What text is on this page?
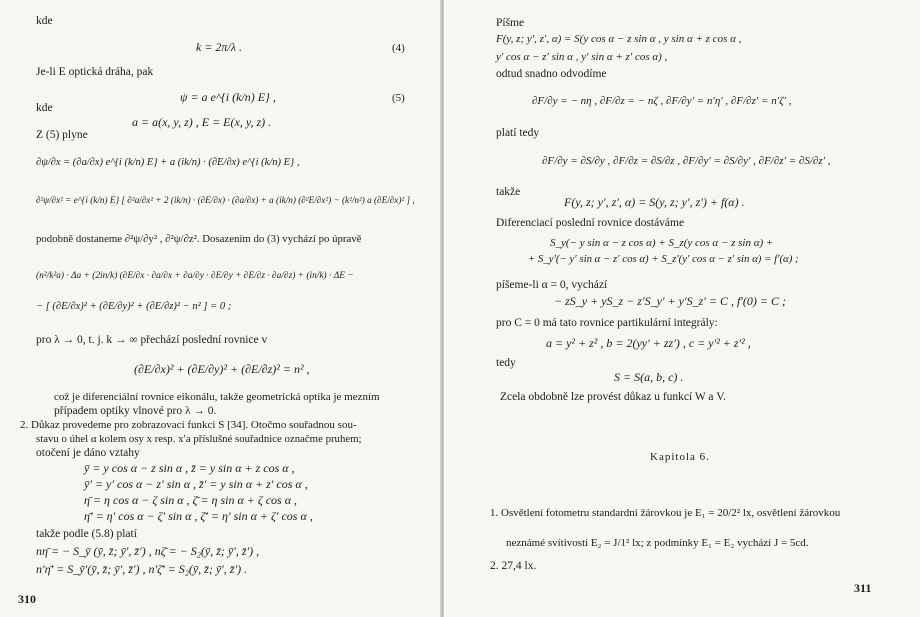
kde
k = 2π/λ .	(4)
Je-li E optická dráha, pak
ψ = a e^{i (k/n) E} ,	(5)
kde
a = a(x, y, z) , E = E(x, y, z) .
Z (5) plyne
∂ψ/∂x = (∂a/∂x) e^{i (k/n) E} + a (ik/n) · (∂E/∂x) e^{i (k/n) E} ,
∂²ψ/∂x² = e^{i (k/n) E} [ ∂²a/∂x² + 2 (ik/n) · (∂E/∂x) · (∂a/∂x) + a (ik/n) (∂²E/∂x²) − (k²/n²) a (∂E/∂x)² ] ,
podobně dostaneme ∂²ψ/∂y² , ∂²ψ/∂z². Dosazením do (3) vychází po úpravě
(n²/k²a) · Δa + (2in/k) (∂E/∂x · ∂a/∂x + ∂a/∂y · ∂E/∂y + ∂E/∂z · ∂a/∂z) + (in/k) · ΔE −
− [ (∂E/∂x)² + (∂E/∂y)² + (∂E/∂z)² − n² ] = 0 ;
pro λ → 0, t. j. k → ∞ přechází poslední rovnice v
(∂E/∂x)² + (∂E/∂y)² + (∂E/∂z)² = n² ,
což je diferenciální rovnice eikonálu, takže geometrická optika je mezním
případem optiky vlnové pro λ → 0.
2. Důkaz provedeme pro zobrazovací funkci S [34]. Otočmo souřadnou sou-
stavu o úhel α kolem osy x resp. x′a příslušné souřadnice označme pruhem;
otočení je dáno vztahy
ȳ = y cos α − z sin α , z̄ = y sin α + z cos α ,
ȳ′ = y′ cos α − z′ sin α , z̄′ = y sin α + z′ cos α ,
η̄ = η cos α − ζ sin α , ζ̄ = η sin α + ζ cos α ,
η̄′ = η′ cos α − ζ′ sin α , ζ̄′ = η′ sin α + ζ′ cos α ,
takže podle (5.8) platí
nη̄ = − S_ȳ (ȳ, z̄; ȳ′, z̄′) , nζ̄ = − S₂(ȳ, z̄; ȳ′, z̄′) ,
n′η̄′ = S_ȳ′(ȳ, z̄; ȳ′, z̄′) , n′ζ̄′ = S₂(ȳ, z̄; ȳ′, z̄′) .
310
Píšme
F(y, z; y′, z′, α) = S(y cos α − z sin α , y sin α + z cos α ,
y′ cos α − z′ sin α , y′ sin α + z′ cos α) ,
odtud snadno odvodíme
∂F/∂y = − nη , ∂F/∂z = − nζ , ∂F/∂y′ = n′η′ , ∂F/∂z′ = n′ζ′ ,
platí tedy
∂F/∂y = ∂S/∂y , ∂F/∂z = ∂S/∂z , ∂F/∂y′ = ∂S/∂y′ , ∂F/∂z′ = ∂S/∂z′ ,
takže
F(y, z; y′, z′, α) = S(y, z; y′, z′) + f(α) .
Diferenciací poslední rovnice dostáváme
S_y(− y sin α − z cos α) + S_z(y cos α − z sin α) +
+ S_y′(− y′ sin α − z′ cos α) + S_z′(y′ cos α − z′ sin α) = f′(α) ;
píšeme-li α = 0, vychází
− zS_y + yS_z − z′S_y′ + y′S_z′ = C , f′(0) = C ;
pro C = 0 má tato rovnice partikulární integrály:
a = y² + z² , b = 2(yy′ + zz′) , c = y′² + z′² ,
tedy
S = S(a, b, c) .
Zcela obdobně lze provést důkaz u funkcí W a V.
Kapitola 6.
1. Osvětlení fotometru standardní žárovkou je E₁ = 20/2² lx, osvětlení žárovkou
neznámé svítivosti E₂ = J/1² lx; z podmínky E₁ = E₂ vychází J = 5cd.
2. 27,4 lx.
311
